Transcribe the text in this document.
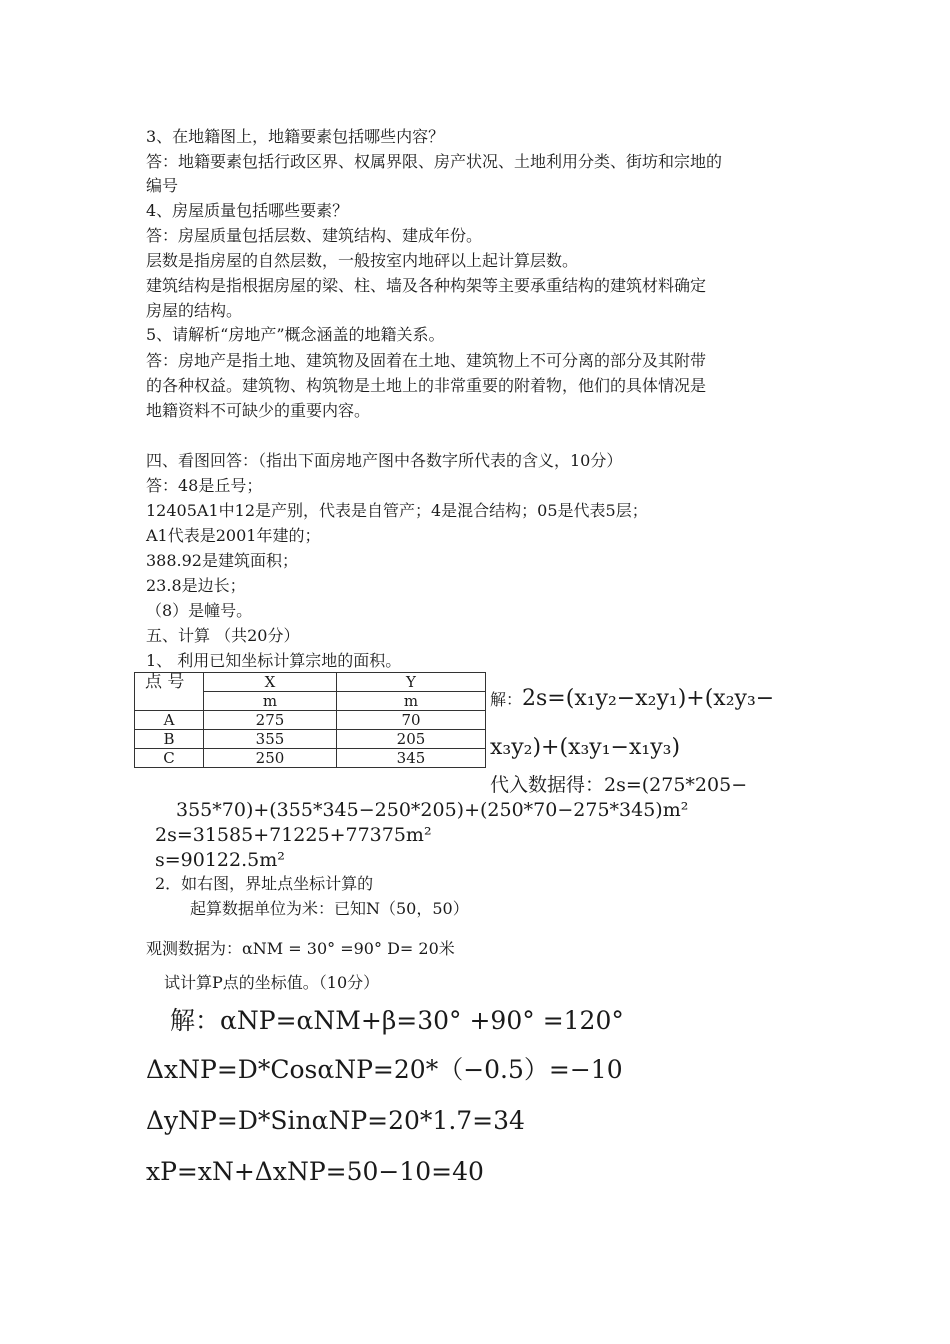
3、在地籍图上，地籍要素包括哪些内容？
答：地籍要素包括行政区界、权属界限、房产状况、土地利用分类、街坊和宗地的
编号
4、房屋质量包括哪些要素？
答：房屋质量包括层数、建筑结构、建成年份。
层数是指房屋的自然层数，一般按室内地砰以上起计算层数。
建筑结构是指根据房屋的梁、柱、墙及各种构架等主要承重结构的建筑材料确定
房屋的结构。
5、请解析“房地产”概念涵盖的地籍关系。
答：房地产是指土地、建筑物及固着在土地、建筑物上不可分离的部分及其附带
的各种权益。建筑物、构筑物是土地上的非常重要的附着物，他们的具体情况是
地籍资料不可缺少的重要内容。
四、看图回答：（指出下面房地产图中各数字所代表的含义，10分）
答：48是丘号；
12405A1中12是产别，代表是自管产；4是混合结构；05是代表5层；
A1代表是2001年建的；
388.92是建筑面积；
23.8是边长；
（8）是幢号。
五、计算 （共20分）
1、 利用已知坐标计算宗地的面积。
点 号	X	Y
	m	m
A	275	70
B	355	205
C	250	345
解：2s=(x₁y₂−x₂y₁)+(x₂y₃−
x₃y₂)+(x₃y₁−x₁y₃)
代入数据得：2s=(275*205−
355*70)+(355*345−250*205)+(250*70−275*345)m²
2s=31585+71225+77375m²
s=90122.5m²
2．如右图，界址点坐标计算的
起算数据单位为米：已知N（50，50）
观测数据为：αNM = 30° =90° D= 20米
试计算P点的坐标值。（10分）
解：αNP=αNM+β=30° +90° =120°
ΔxNP=D*CosαNP=20*（−0.5）=−10
ΔyNP=D*SinαNP=20*1.7=34
xP=xN+ΔxNP=50−10=40
